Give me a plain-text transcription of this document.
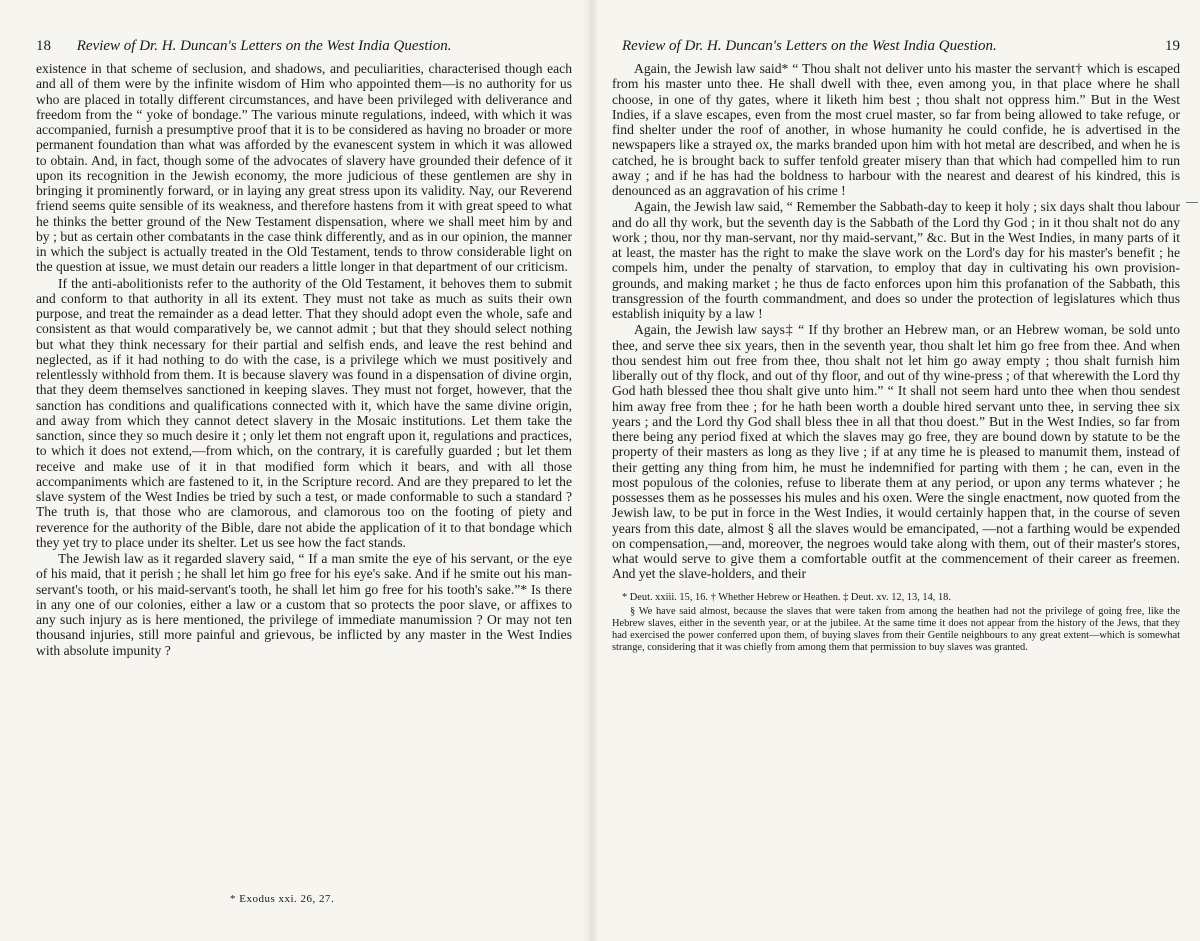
18 Review of Dr. H. Duncan's Letters on the West India Question.

existence in that scheme of seclusion, and shadows, and peculiarities, characterised though each and all of them were by the infinite wisdom of Him who appointed them—is no authority for us who are placed in totally different circumstances, and have been privileged with deliverance and freedom from the “ yoke of bondage.” The various minute regulations, indeed, with which it was accompanied, furnish a presumptive proof that it is to be considered as having no broader or more permanent foundation than what was afforded by the evanescent system in which it was allowed to obtain. And, in fact, though some of the advocates of slavery have grounded their defence of it upon its recognition in the Jewish economy, the more judicious of these gentlemen are shy in bringing it prominently forward, or in laying any great stress upon its validity. Nay, our Reverend friend seems quite sensible of its weakness, and therefore hastens from it with great speed to what he thinks the better ground of the New Testament dispensation, where we shall meet him by and by ; but as certain other combatants in the case think differently, and as in our opinion, the manner in which the subject is actually treated in the Old Testament, tends to throw considerable light on the question at issue, we must detain our readers a little longer in that department of our criticism.

If the anti-abolitionists refer to the authority of the Old Testament, it behoves them to submit and conform to that authority in all its extent. They must not take as much as suits their own purpose, and treat the remainder as a dead letter. That they should adopt even the whole, safe and consistent as that would comparatively be, we cannot admit ; but that they should select nothing but what they think necessary for their partial and selfish ends, and leave the rest behind and neglected, as if it had nothing to do with the case, is a privilege which we must positively and relentlessly withhold from them. It is because slavery was found in a dispensation of divine orgin, that they deem themselves sanctioned in keeping slaves. They must not forget, however, that the sanction has conditions and qualifications connected with it, which have the same divine origin, and away from which they cannot detect slavery in the Mosaic institutions. Let them take the sanction, since they so much desire it ; only let them not engraft upon it, regulations and practices, to which it does not extend,—from which, on the contrary, it is carefully guarded ; but let them receive and make use of it in that modified form which it bears, and with all those accompaniments which are fastened to it, in the Scripture record. And are they prepared to let the slave system of the West Indies be tried by such a test, or made conformable to such a standard ? The truth is, that those who are clamorous, and clamorous too on the footing of piety and reverence for the authority of the Bible, dare not abide the application of it to that bondage which they yet try to place under its shelter. Let us see how the fact stands.

The Jewish law as it regarded slavery said, “ If a man smite the eye of his servant, or the eye of his maid, that it perish ; he shall let him go free for his eye's sake. And if he smite out his man-servant's tooth, or his maid-servant's tooth, he shall let him go free for his tooth's sake.”* Is there in any one of our colonies, either a law or a custom that so protects the poor slave, or affixes to any such injury as is here mentioned, the privilege of immediate manumission ? Or may not ten thousand injuries, still more painful and grievous, be inflicted by any master in the West Indies with absolute impunity ?

* Exodus xxi. 26, 27.
Review of Dr. H. Duncan's Letters on the West India Question.	19

Again, the Jewish law said* “ Thou shalt not deliver unto his master the servant† which is escaped from his master unto thee. He shall dwell with thee, even among you, in that place where he shall choose, in one of thy gates, where it liketh him best ; thou shalt not oppress him.” But in the West Indies, if a slave escapes, even from the most cruel master, so far from being allowed to take refuge, or find shelter under the roof of another, in whose humanity he could confide, he is advertised in the newspapers like a strayed ox, the marks branded upon him with hot metal are described, and when he is catched, he is brought back to suffer tenfold greater misery than that which had compelled him to run away ; and if he has had the boldness to harbour with the nearest and dearest of his kindred, this is denounced as an aggravation of his crime !

Again, the Jewish law said, “ Remember the Sabbath-day to keep it holy ; six days shalt thou labour and do all thy work, but the seventh day is the Sabbath of the Lord thy God ; in it thou shalt not do any work ; thou, nor thy man-servant, nor thy maid-servant,” &c. But in the West Indies, in many parts of it at least, the master has the right to make the slave work on the Lord's day for his master's benefit ; he compels him, under the penalty of starvation, to employ that day in cultivating his own provision-grounds, and making market ; he thus de facto enforces upon him this profanation of the Sabbath, this transgression of the fourth commandment, and does so under the protection of legislatures which thus establish iniquity by a law !

Again, the Jewish law says‡ “ If thy brother an Hebrew man, or an Hebrew woman, be sold unto thee, and serve thee six years, then in the seventh year, thou shalt let him go free from thee. And when thou sendest him out free from thee, thou shalt not let him go away empty ; thou shalt furnish him liberally out of thy flock, and out of thy floor, and out of thy wine-press ; of that wherewith the Lord thy God hath blessed thee thou shalt give unto him.” “ It shall not seem hard unto thee when thou sendest him away free from thee ; for he hath been worth a double hired servant unto thee, in serving thee six years ; and the Lord thy God shall bless thee in all that thou doest.” But in the West Indies, so far from there being any period fixed at which the slaves may go free, they are bound down by statute to be the property of their masters as long as they live ; if at any time he is pleased to manumit them, instead of their getting any thing from him, he must he indemnified for parting with them ; he can, even in the most populous of the colonies, refuse to liberate them at any period, or upon any terms whatever ; he possesses them as he possesses his mules and his oxen. Were the single enactment, now quoted from the Jewish law, to be put in force in the West Indies, it would certainly happen that, in the course of seven years from this date, almost § all the slaves would be emancipated, —not a farthing would be expended on compensation,—and, moreover, the negroes would take along with them, out of their master's stores, what would serve to give them a comfortable outfit at the commencement of their career as freemen. And yet the slave-holders, and their

* Deut. xxiii. 15, 16. † Whether Hebrew or Heathen. ‡ Deut. xv. 12, 13, 14, 18.

§ We have said almost, because the slaves that were taken from among the heathen had not the privilege of going free, like the Hebrew slaves, either in the seventh year, or at the jubilee. At the same time it does not appear from the history of the Jews, that they had exercised the power conferred upon them, of buying slaves from their Gentile neighbours to any great extent—which is somewhat strange, considering that it was chiefly from among them that permission to buy slaves was granted.
